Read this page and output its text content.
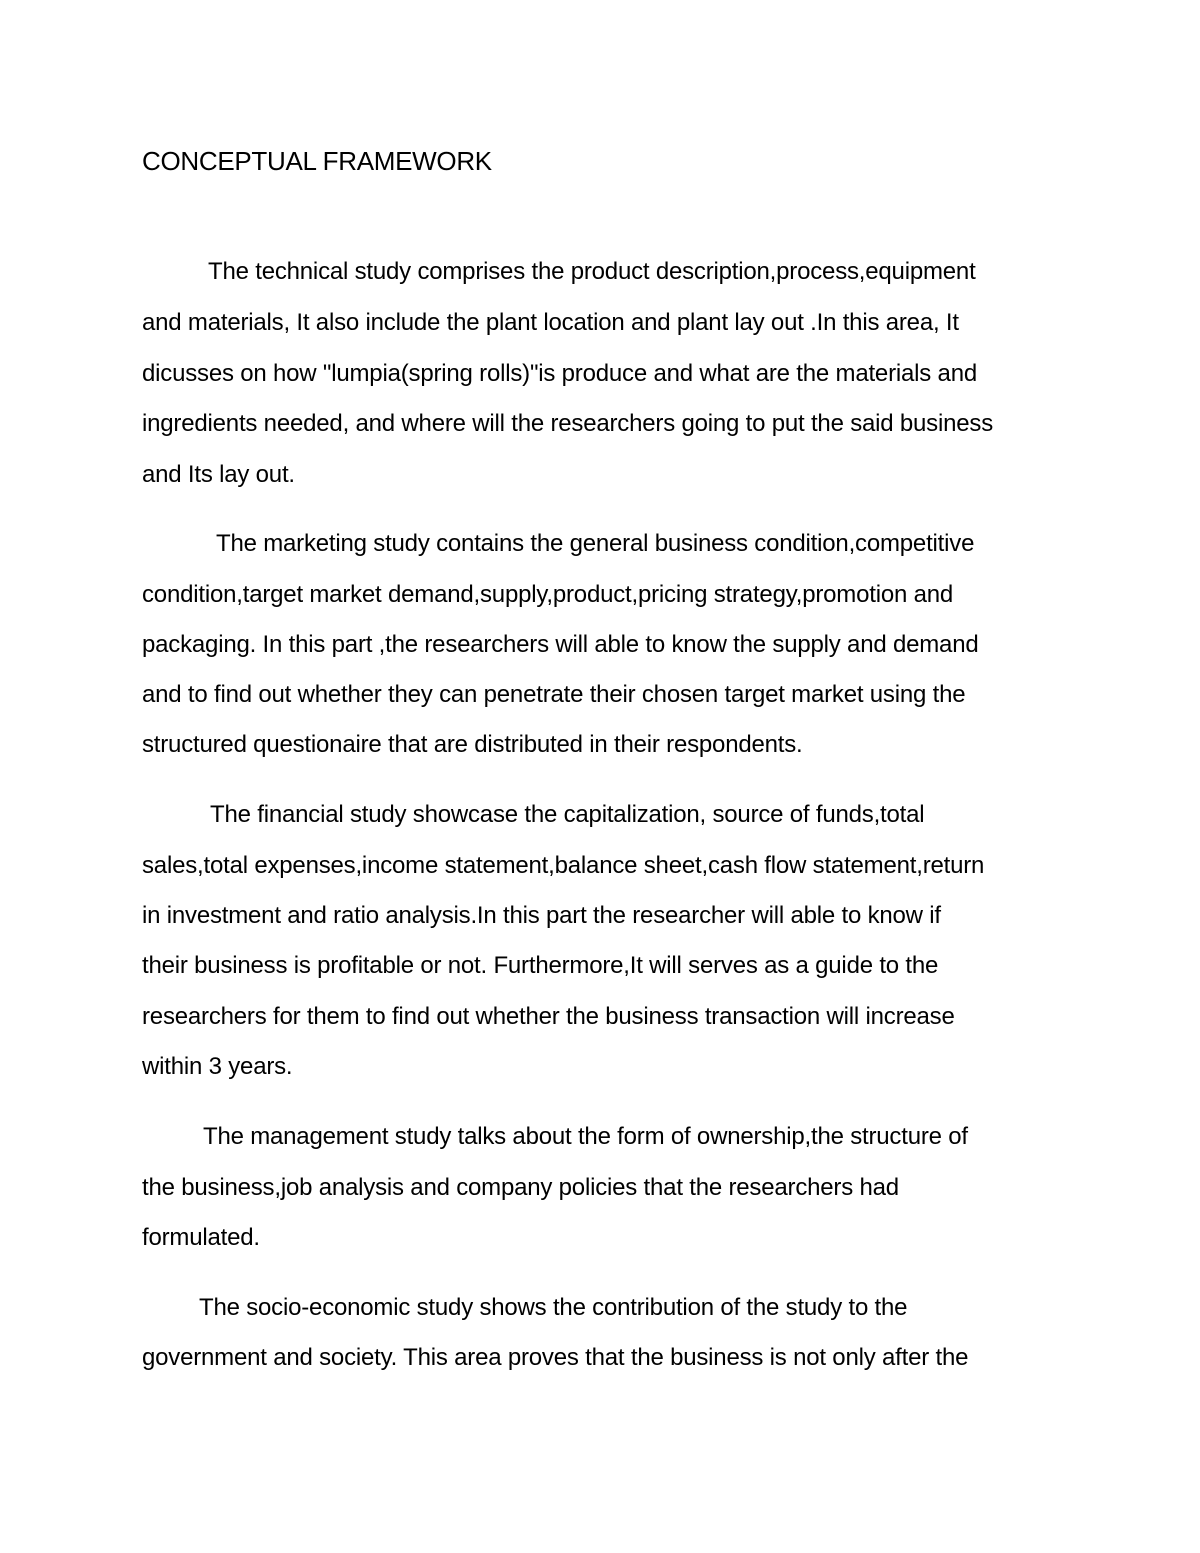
CONCEPTUAL FRAMEWORK
The technical study comprises the product description,process,equipment
and materials, It also include the plant location and plant lay out .In this area, It
dicusses on how "lumpia(spring rolls)"is produce and what are the materials and
ingredients needed, and where will the researchers going to put the said business
and Its lay out.
The marketing study contains the general business condition,competitive
condition,target market demand,supply,product,pricing strategy,promotion and
packaging. In this part ,the researchers will able to know the supply and demand
and to find out whether they can penetrate their chosen target market using the
structured questionaire that are distributed in their respondents.
The financial study showcase the capitalization, source of funds,total
sales,total expenses,income statement,balance sheet,cash flow statement,return
in investment and ratio analysis.In this part the researcher will able to know if
their business is profitable or not. Furthermore,It will serves as a guide to the
researchers for them to find out whether the business transaction will increase
within 3 years.
The management study talks about the form of ownership,the structure of
the business,job analysis and company policies that the researchers had
formulated.
The socio-economic study shows the contribution of the study to the
government and society. This area proves that the business is not only after the
